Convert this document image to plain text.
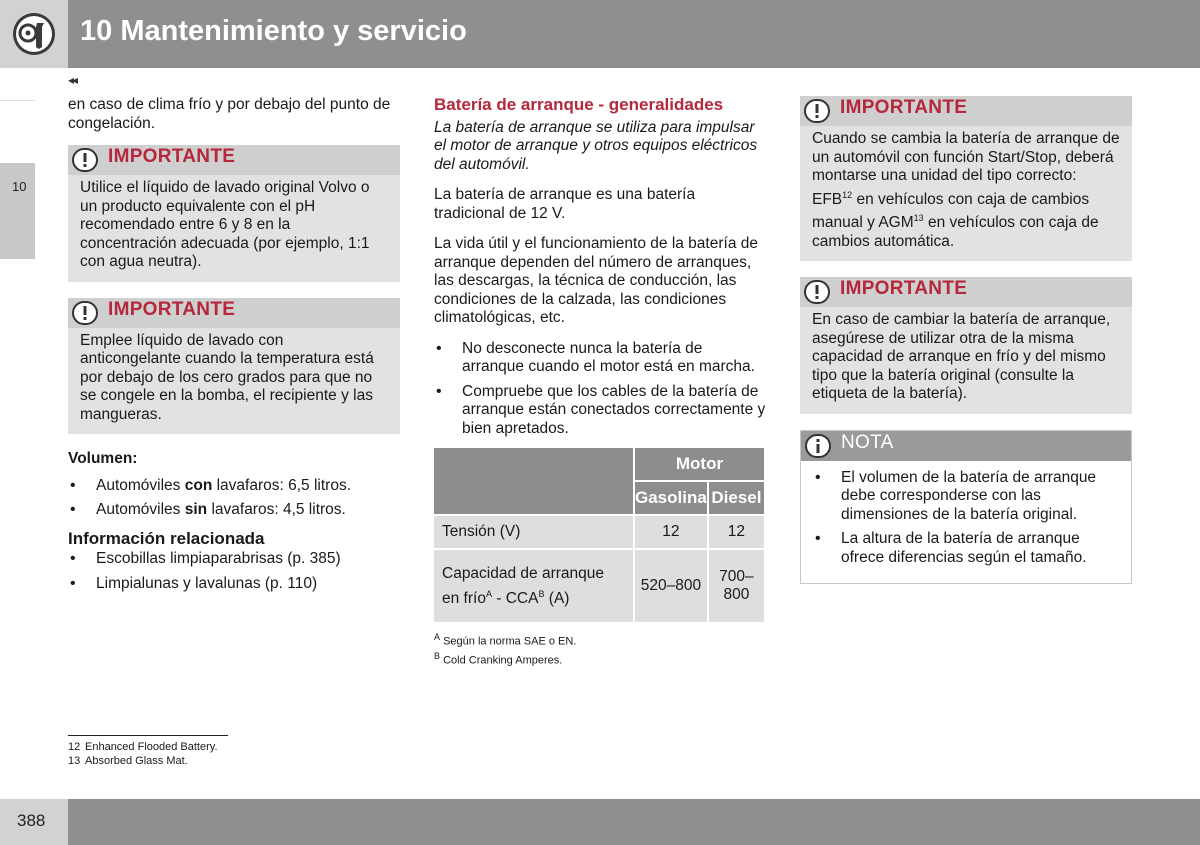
10 Mantenimiento y servicio
◂◂
10

en caso de clima frío y por debajo del punto de congelación.

IMPORTANTE
Utilice el líquido de lavado original Volvo o un producto equivalente con el pH recomendado entre 6 y 8 en la concentración adecuada (por ejemplo, 1:1 con agua neutra).
IMPORTANTE
Emplee líquido de lavado con anticongelante cuando la temperatura está por debajo de los cero grados para que no se congele en la bomba, el recipiente y las mangueras.
Volumen:
• Automóviles con lavafaros: 6,5 litros.
• Automóviles sin lavafaros: 4,5 litros.
Información relacionada
• Escobillas limpiaparabrisas (p. 385)
• Limpialunas y lavalunas (p. 110)
Batería de arranque - generalidades

La batería de arranque se utiliza para impulsar el motor de arranque y otros equipos eléctricos del automóvil.

La batería de arranque es una batería tradicional de 12 V.

La vida útil y el funcionamiento de la batería de arranque dependen del número de arranques, las descargas, la técnica de conducción, las condiciones de la calzada, las condiciones climatológicas, etc.

• No desconecte nunca la batería de arranque cuando el motor está en marcha.
• Compruebe que los cables de la batería de arranque están conectados correctamente y bien apretados.
	Motor	
	Gasolina	Diesel
Tensión (V)	12	12
Capacidad de arranque en frío$^A$ - $CCA^B$ (A)	520–800	700–800
$^A$ Según la norma SAE o EN.
$^B$ Cold Cranking Amperes.
IMPORTANTE
Cuando se cambia la batería de arranque de un automóvil con función Start/Stop, deberá montarse una unidad del tipo correcto: EFB$^{12}$ en vehículos con caja de cambios manual y AGM$^{13}$ en vehículos con caja de cambios automática.
IMPORTANTE
En caso de cambiar la batería de arranque, asegúrese de utilizar otra de la misma capacidad de arranque en frío y del mismo tipo que la batería original (consulte la etiqueta de la batería).
NOTA
• El volumen de la batería de arranque debe corresponderse con las dimensiones de la batería original.
• La altura de la batería de arranque ofrece diferencias según el tamaño.
12 Enhanced Flooded Battery.
13 Absorbed Glass Mat.
388
